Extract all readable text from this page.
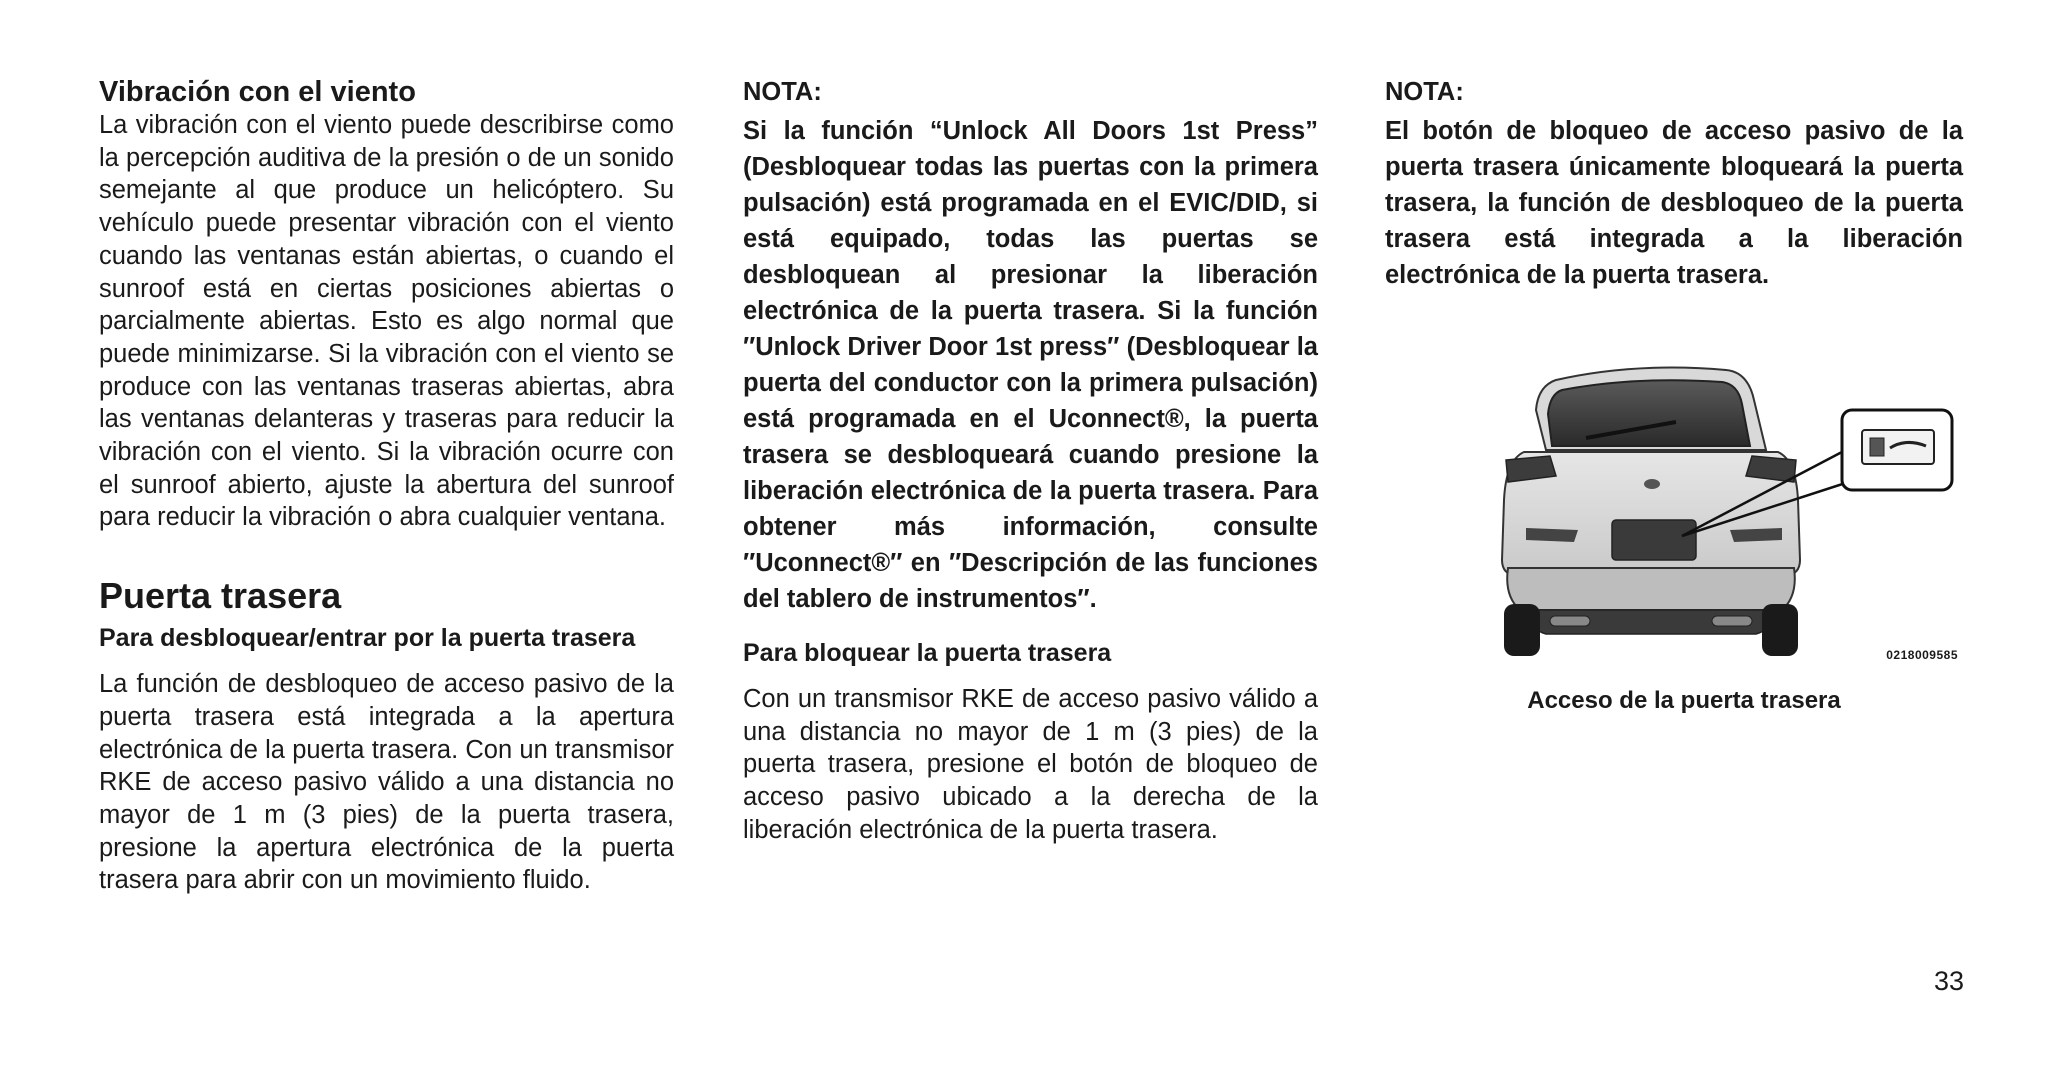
Vibración con el viento

La vibración con el viento puede describirse como la percepción auditiva de la presión o de un sonido semejante al que produce un helicóptero. Su vehículo puede presentar vibración con el viento cuando las ventanas están abiertas, o cuando el sunroof está en ciertas posiciones abiertas o parcialmente abiertas. Esto es algo normal que puede minimizarse. Si la vibración con el viento se produce con las ventanas traseras abiertas, abra las ventanas delanteras y traseras para reducir la vibración con el viento. Si la vibración ocurre con el sunroof abierto, ajuste la abertura del sunroof para reducir la vibración o abra cualquier ventana.

Puerta trasera
Para desbloquear/entrar por la puerta trasera

La función de desbloqueo de acceso pasivo de la puerta trasera está integrada a la apertura electrónica de la puerta trasera. Con un transmisor RKE de acceso pasivo válido a una distancia no mayor de 1 m (3 pies) de la puerta trasera, presione la apertura electrónica de la puerta trasera para abrir con un movimiento fluido.

NOTA:

Si la función “Unlock All Doors 1st Press” (Desbloquear todas las puertas con la primera pulsación) está programada en el EVIC/DID, si está equipado, todas las puertas se desbloquean al presionar la liberación electrónica de la puerta trasera. Si la función ″Unlock Driver Door 1st press″ (Desbloquear la puerta del conductor con la primera pulsación) está programada en el Uconnect®, la puerta trasera se desbloqueará cuando presione la liberación electrónica de la puerta trasera. Para obtener más información, consulte ″Uconnect®″ en ″Descripción de las funciones del tablero de instrumentos″.

Para bloquear la puerta trasera

Con un transmisor RKE de acceso pasivo válido a una distancia no mayor de 1 m (3 pies) de la puerta trasera, presione el botón de bloqueo de acceso pasivo ubicado a la derecha de la liberación electrónica de la puerta trasera.

NOTA:

El botón de bloqueo de acceso pasivo de la puerta trasera únicamente bloqueará la puerta trasera, la función de desbloqueo de la puerta trasera está integrada a la liberación electrónica de la puerta trasera.

0218009585
Acceso de la puerta trasera
33
